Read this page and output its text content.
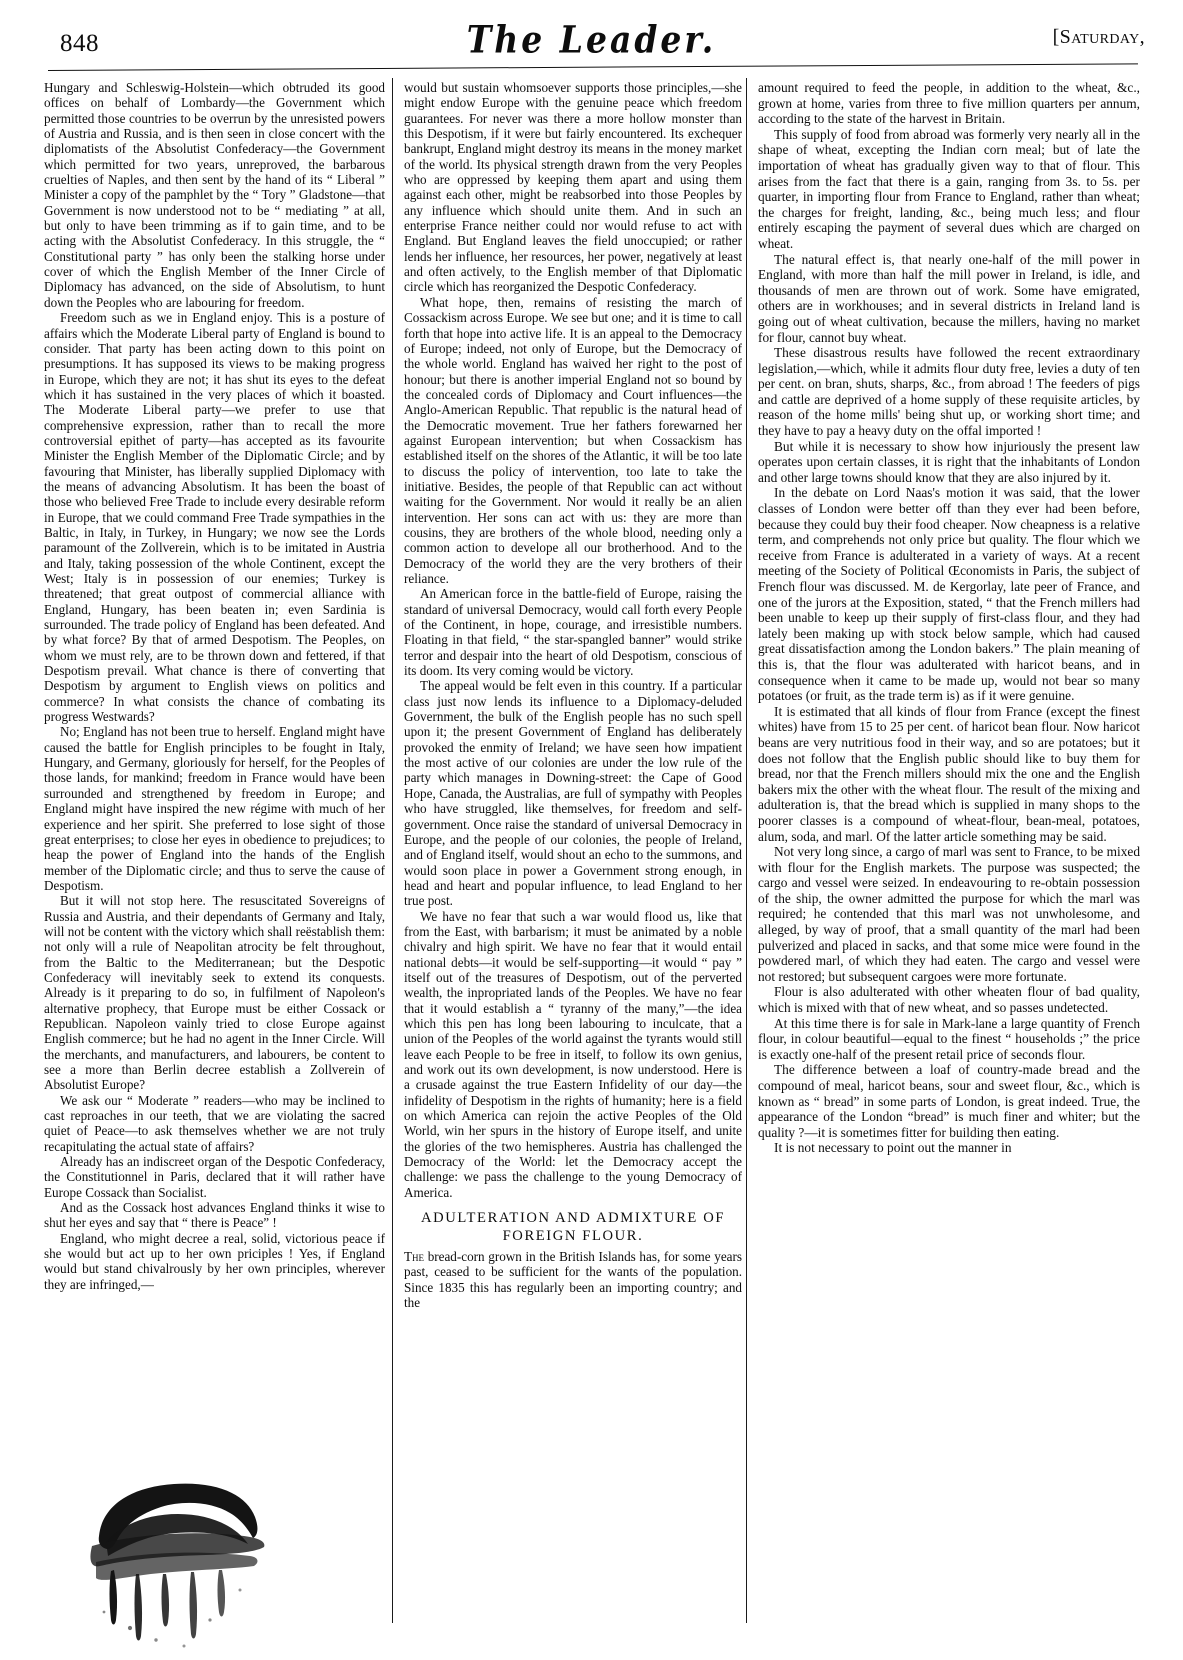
848	The Leader.	[Saturday,

Hungary and Schleswig-Holstein—which obtruded its good offices on behalf of Lombardy—the Government which permitted those countries to be overrun by the unresisted powers of Austria and Russia, and is then seen in close concert with the diplomatists of the Absolutist Confederacy—the Government which permitted for two years, unreproved, the barbarous cruelties of Naples, and then sent by the hand of its “ Liberal ” Minister a copy of the pamphlet by the “ Tory ” Gladstone—that Government is now understood not to be “ mediating ” at all, but only to have been trimming as if to gain time, and to be acting with the Absolutist Confederacy. In this struggle, the “ Constitutional party ” has only been the stalking horse under cover of which the English Member of the Inner Circle of Diplomacy has advanced, on the side of Absolutism, to hunt down the Peoples who are labouring for freedom.

Freedom such as we in England enjoy. This is a posture of affairs which the Moderate Liberal party of England is bound to consider. That party has been acting down to this point on presumptions. It has supposed its views to be making progress in Europe, which they are not; it has shut its eyes to the defeat which it has sustained in the very places of which it boasted. The Moderate Liberal party—we prefer to use that comprehensive expression, rather than to recall the more controversial epithet of party—has accepted as its favourite Minister the English Member of the Diplomatic Circle; and by favouring that Minister, has liberally supplied Diplomacy with the means of advancing Absolutism. It has been the boast of those who believed Free Trade to include every desirable reform in Europe, that we could command Free Trade sympathies in the Baltic, in Italy, in Turkey, in Hungary; we now see the Lords paramount of the Zollverein, which is to be imitated in Austria and Italy, taking possession of the whole Continent, except the West; Italy is in possession of our enemies; Turkey is threatened; that great outpost of commercial alliance with England, Hungary, has been beaten in; even Sardinia is surrounded. The trade policy of England has been defeated. And by what force? By that of armed Despotism. The Peoples, on whom we must rely, are to be thrown down and fettered, if that Despotism prevail. What chance is there of converting that Despotism by argument to English views on politics and commerce? In what consists the chance of combating its progress Westwards?

No; England has not been true to herself. England might have caused the battle for English principles to be fought in Italy, Hungary, and Germany, gloriously for herself, for the Peoples of those lands, for mankind; freedom in France would have been surrounded and strengthened by freedom in Europe; and England might have inspired the new régime with much of her experience and her spirit. She preferred to lose sight of those great enterprises; to close her eyes in obedience to prejudices; to heap the power of England into the hands of the English member of the Diplomatic circle; and thus to serve the cause of Despotism.

But it will not stop here. The resuscitated Sovereigns of Russia and Austria, and their dependants of Germany and Italy, will not be content with the victory which shall reëstablish them: not only will a rule of Neapolitan atrocity be felt throughout, from the Baltic to the Mediterranean; but the Despotic Confederacy will inevitably seek to extend its conquests. Already is it preparing to do so, in fulfilment of Napoleon's alternative prophecy, that Europe must be either Cossack or Republican. Napoleon vainly tried to close Europe against English commerce; but he had no agent in the Inner Circle. Will the merchants, and manufacturers, and labourers, be content to see a more than Berlin decree establish a Zollverein of Absolutist Europe?

We ask our “ Moderate ” readers—who may be inclined to cast reproaches in our teeth, that we are violating the sacred quiet of Peace—to ask themselves whether we are not truly recapitulating the actual state of affairs?

Already has an indiscreet organ of the Despotic Confederacy, the Constitutionnel in Paris, declared that it will rather have Europe Cossack than Socialist.

And as the Cossack host advances England thinks it wise to shut her eyes and say that “ there is Peace” !

England, who might decree a real, solid, victorious peace if she would but act up to her own priciples ! Yes, if England would but stand chivalrously by her own principles, wherever they are infringed,—

would but sustain whomsoever supports those principles,—she might endow Europe with the genuine peace which freedom guarantees. For never was there a more hollow monster than this Despotism, if it were but fairly encountered. Its exchequer bankrupt, England might destroy its means in the money market of the world. Its physical strength drawn from the very Peoples who are oppressed by keeping them apart and using them against each other, might be reabsorbed into those Peoples by any influence which should unite them. And in such an enterprise France neither could nor would refuse to act with England. But England leaves the field unoccupied; or rather lends her influence, her resources, her power, negatively at least and often actively, to the English member of that Diplomatic circle which has reorganized the Despotic Confederacy.

What hope, then, remains of resisting the march of Cossackism across Europe. We see but one; and it is time to call forth that hope into active life. It is an appeal to the Democracy of Europe; indeed, not only of Europe, but the Democracy of the whole world. England has waived her right to the post of honour; but there is another imperial England not so bound by the concealed cords of Diplomacy and Court influences—the Anglo-American Republic. That republic is the natural head of the Democratic movement. True her fathers forewarned her against European intervention; but when Cossackism has established itself on the shores of the Atlantic, it will be too late to discuss the policy of intervention, too late to take the initiative. Besides, the people of that Republic can act without waiting for the Government. Nor would it really be an alien intervention. Her sons can act with us: they are more than cousins, they are brothers of the whole blood, needing only a common action to develope all our brotherhood. And to the Democracy of the world they are the very brothers of their reliance.

An American force in the battle-field of Europe, raising the standard of universal Democracy, would call forth every People of the Continent, in hope, courage, and irresistible numbers. Floating in that field, “ the star-spangled banner” would strike terror and despair into the heart of old Despotism, conscious of its doom. Its very coming would be victory.

The appeal would be felt even in this country. If a particular class just now lends its influence to a Diplomacy-deluded Government, the bulk of the English people has no such spell upon it; the present Government of England has deliberately provoked the enmity of Ireland; we have seen how impatient the most active of our colonies are under the low rule of the party which manages in Downing-street: the Cape of Good Hope, Canada, the Australias, are full of sympathy with Peoples who have struggled, like themselves, for freedom and self-government. Once raise the standard of universal Democracy in Europe, and the people of our colonies, the people of Ireland, and of England itself, would shout an echo to the summons, and would soon place in power a Government strong enough, in head and heart and popular influence, to lead England to her true post.

We have no fear that such a war would flood us, like that from the East, with barbarism; it must be animated by a noble chivalry and high spirit. We have no fear that it would entail national debts—it would be self-supporting—it would “ pay ” itself out of the treasures of Despotism, out of the perverted wealth, the inpropriated lands of the Peoples. We have no fear that it would establish a “ tyranny of the many,”—the idea which this pen has long been labouring to inculcate, that a union of the Peoples of the world against the tyrants would still leave each People to be free in itself, to follow its own genius, and work out its own development, is now understood. Here is a crusade against the true Eastern Infidelity of our day—the infidelity of Despotism in the rights of humanity; here is a field on which America can rejoin the active Peoples of the Old World, win her spurs in the history of Europe itself, and unite the glories of the two hemispheres. Austria has challenged the Democracy of the World: let the Democracy accept the challenge: we pass the challenge to the young Democracy of America.

ADULTERATION AND ADMIXTURE OF
FOREIGN FLOUR.

The bread-corn grown in the British Islands has, for some years past, ceased to be sufficient for the wants of the population. Since 1835 this has regularly been an importing country; and the

amount required to feed the people, in addition to the wheat, &c., grown at home, varies from three to five million quarters per annum, according to the state of the harvest in Britain.

This supply of food from abroad was formerly very nearly all in the shape of wheat, excepting the Indian corn meal; but of late the importation of wheat has gradually given way to that of flour. This arises from the fact that there is a gain, ranging from 3s. to 5s. per quarter, in importing flour from France to England, rather than wheat; the charges for freight, landing, &c., being much less; and flour entirely escaping the payment of several dues which are charged on wheat.

The natural effect is, that nearly one-half of the mill power in England, with more than half the mill power in Ireland, is idle, and thousands of men are thrown out of work. Some have emigrated, others are in workhouses; and in several districts in Ireland land is going out of wheat cultivation, because the millers, having no market for flour, cannot buy wheat.

These disastrous results have followed the recent extraordinary legislation,—which, while it admits flour duty free, levies a duty of ten per cent. on bran, shuts, sharps, &c., from abroad ! The feeders of pigs and cattle are deprived of a home supply of these requisite articles, by reason of the home mills' being shut up, or working short time; and they have to pay a heavy duty on the offal imported !

But while it is necessary to show how injuriously the present law operates upon certain classes, it is right that the inhabitants of London and other large towns should know that they are also injured by it.

In the debate on Lord Naas's motion it was said, that the lower classes of London were better off than they ever had been before, because they could buy their food cheaper. Now cheapness is a relative term, and comprehends not only price but quality. The flour which we receive from France is adulterated in a variety of ways. At a recent meeting of the Society of Political Œconomists in Paris, the subject of French flour was discussed. M. de Kergorlay, late peer of France, and one of the jurors at the Exposition, stated, “ that the French millers had been unable to keep up their supply of first-class flour, and they had lately been making up with stock below sample, which had caused great dissatisfaction among the London bakers.” The plain meaning of this is, that the flour was adulterated with haricot beans, and in consequence when it came to be made up, would not bear so many potatoes (or fruit, as the trade term is) as if it were genuine.

It is estimated that all kinds of flour from France (except the finest whites) have from 15 to 25 per cent. of haricot bean flour. Now haricot beans are very nutritious food in their way, and so are potatoes; but it does not follow that the English public should like to buy them for bread, nor that the French millers should mix the one and the English bakers mix the other with the wheat flour. The result of the mixing and adulteration is, that the bread which is supplied in many shops to the poorer classes is a compound of wheat-flour, bean-meal, potatoes, alum, soda, and marl. Of the latter article something may be said.

Not very long since, a cargo of marl was sent to France, to be mixed with flour for the English markets. The purpose was suspected; the cargo and vessel were seized. In endeavouring to re-obtain possession of the ship, the owner admitted the purpose for which the marl was required; he contended that this marl was not unwholesome, and alleged, by way of proof, that a small quantity of the marl had been pulverized and placed in sacks, and that some mice were found in the powdered marl, of which they had eaten. The cargo and vessel were not restored; but subsequent cargoes were more fortunate.

Flour is also adulterated with other wheaten flour of bad quality, which is mixed with that of new wheat, and so passes undetected.

At this time there is for sale in Mark-lane a large quantity of French flour, in colour beautiful—equal to the finest “ households ;” the price is exactly one-half of the present retail price of seconds flour.

The difference between a loaf of country-made bread and the compound of meal, haricot beans, sour and sweet flour, &c., which is known as “ bread” in some parts of London, is great indeed. True, the appearance of the London “bread” is much finer and whiter; but the quality ?—it is sometimes fitter for building then eating.

It is not necessary to point out the manner in
